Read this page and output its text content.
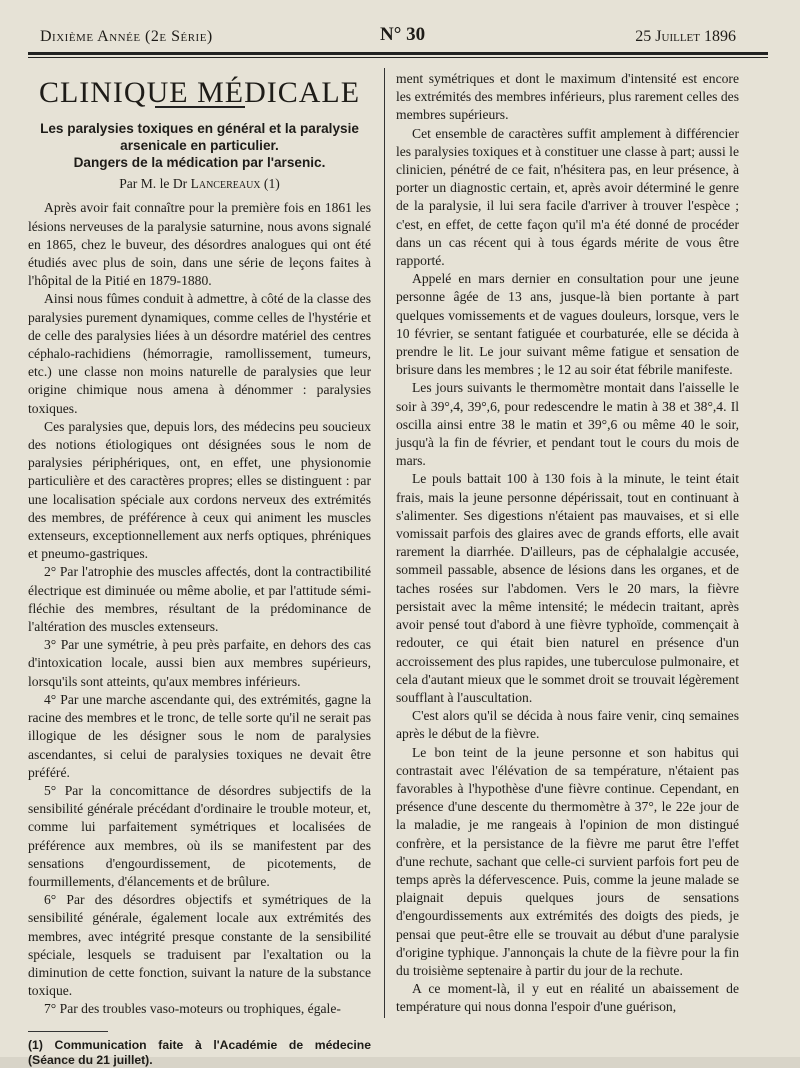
Dixième Année (2e Série)	N° 30	25 Juillet 1896
CLINIQUE MÉDICALE
Les paralysies toxiques en général et la paralysie arsenicale en particulier.
Dangers de la médication par l'arsenic.
Par M. le Dr Lancereaux (1)

Après avoir fait connaître pour la première fois en 1861 les lésions nerveuses de la paralysie saturnine, nous avons signalé en 1865, chez le buveur, des désordres analogues qui ont été étudiés avec plus de soin, dans une série de leçons faites à l'hôpital de la Pitié en 1879-1880.

Ainsi nous fûmes conduit à admettre, à côté de la classe des paralysies purement dynamiques, comme celles de l'hystérie et de celle des paralysies liées à un désordre matériel des centres céphalo-rachidiens (hémorragie, ramollissement, tumeurs, etc.) une classe non moins naturelle de paralysies que leur origine chimique nous amena à dénommer : paralysies toxiques.

Ces paralysies que, depuis lors, des médecins peu soucieux des notions étiologiques ont désignées sous le nom de paralysies périphériques, ont, en effet, une physionomie particulière et des caractères propres; elles se distinguent : par une localisation spéciale aux cordons nerveux des extrémités des membres, de préférence à ceux qui animent les muscles extenseurs, exceptionnellement aux nerfs optiques, phréniques et pneumo-gastriques.

2° Par l'atrophie des muscles affectés, dont la contractibilité électrique est diminuée ou même abolie, et par l'attitude sémi-fléchie des membres, résultant de la prédominance de l'altération des muscles extenseurs.

3° Par une symétrie, à peu près parfaite, en dehors des cas d'intoxication locale, aussi bien aux membres supérieurs, lorsqu'ils sont atteints, qu'aux membres inférieurs.

4° Par une marche ascendante qui, des extrémités, gagne la racine des membres et le tronc, de telle sorte qu'il ne serait pas illogique de les désigner sous le nom de paralysies ascendantes, si celui de paralysies toxiques ne devait être préféré.

5° Par la concomittance de désordres subjectifs de la sensibilité générale précédant d'ordinaire le trouble moteur, et, comme lui parfaitement symétriques et localisées de préférence aux membres, où ils se manifestent par des sensations d'engourdissement, de picotements, de fourmillements, d'élancements et de brûlure.

6° Par des désordres objectifs et symétriques de la sensibilité générale, également locale aux extrémités des membres, avec intégrité presque constante de la sensibilité spéciale, lesquels se traduisent par l'exaltation ou la diminution de cette fonction, suivant la nature de la substance toxique.

7° Par des troubles vaso-moteurs ou trophiques, égale-

(1) Communication faite à l'Académie de médecine (Séance du 21 juillet).

ment symétriques et dont le maximum d'intensité est encore les extrémités des membres inférieurs, plus rarement celles des membres supérieurs.

Cet ensemble de caractères suffit amplement à différencier les paralysies toxiques et à constituer une classe à part; aussi le clinicien, pénétré de ce fait, n'hésitera pas, en leur présence, à porter un diagnostic certain, et, après avoir déterminé le genre de la paralysie, il lui sera facile d'arriver à trouver l'espèce ; c'est, en effet, de cette façon qu'il m'a été donné de procéder dans un cas récent qui à tous égards mérite de vous être rapporté.

Appelé en mars dernier en consultation pour une jeune personne âgée de 13 ans, jusque-là bien portante à part quelques vomissements et de vagues douleurs, lorsque, vers le 10 février, se sentant fatiguée et courbaturée, elle se décida à prendre le lit. Le jour suivant même fatigue et sensation de brisure dans les membres ; le 12 au soir état fébrile manifeste.

Les jours suivants le thermomètre montait dans l'aisselle le soir à 39°,4, 39°,6, pour redescendre le matin à 38 et 38°,4. Il oscilla ainsi entre 38 le matin et 39°,6 ou même 40 le soir, jusqu'à la fin de février, et pendant tout le cours du mois de mars.

Le pouls battait 100 à 130 fois à la minute, le teint était frais, mais la jeune personne dépérissait, tout en continuant à s'alimenter. Ses digestions n'étaient pas mauvaises, et si elle vomissait parfois des glaires avec de grands efforts, elle avait rarement la diarrhée. D'ailleurs, pas de céphalalgie accusée, sommeil passable, absence de lésions dans les organes, et de taches rosées sur l'abdomen. Vers le 20 mars, la fièvre persistait avec la même intensité; le médecin traitant, après avoir pensé tout d'abord à une fièvre typhoïde, commençait à redouter, ce qui était bien naturel en présence d'un accroissement des plus rapides, une tuberculose pulmonaire, et cela d'autant mieux que le sommet droit se trouvait légèrement soufflant à l'auscultation.

C'est alors qu'il se décida à nous faire venir, cinq semaines après le début de la fièvre.

Le bon teint de la jeune personne et son habitus qui contrastait avec l'élévation de sa température, n'étaient pas favorables à l'hypothèse d'une fièvre continue. Cependant, en présence d'une descente du thermomètre à 37°, le 22e jour de la maladie, je me rangeais à l'opinion de mon distingué confrère, et la persistance de la fièvre me parut être l'effet d'une rechute, sachant que celle-ci survient parfois fort peu de temps après la défervescence. Puis, comme la jeune malade se plaignait depuis quelques jours de sensations d'engourdissements aux extrémités des doigts des pieds, je pensai que peut-être elle se trouvait au début d'une paralysie d'origine typhique. J'annonçais la chute de la fièvre pour la fin du troisième septenaire à partir du jour de la rechute.

A ce moment-là, il y eut en réalité un abaissement de température qui nous donna l'espoir d'une guérison,
